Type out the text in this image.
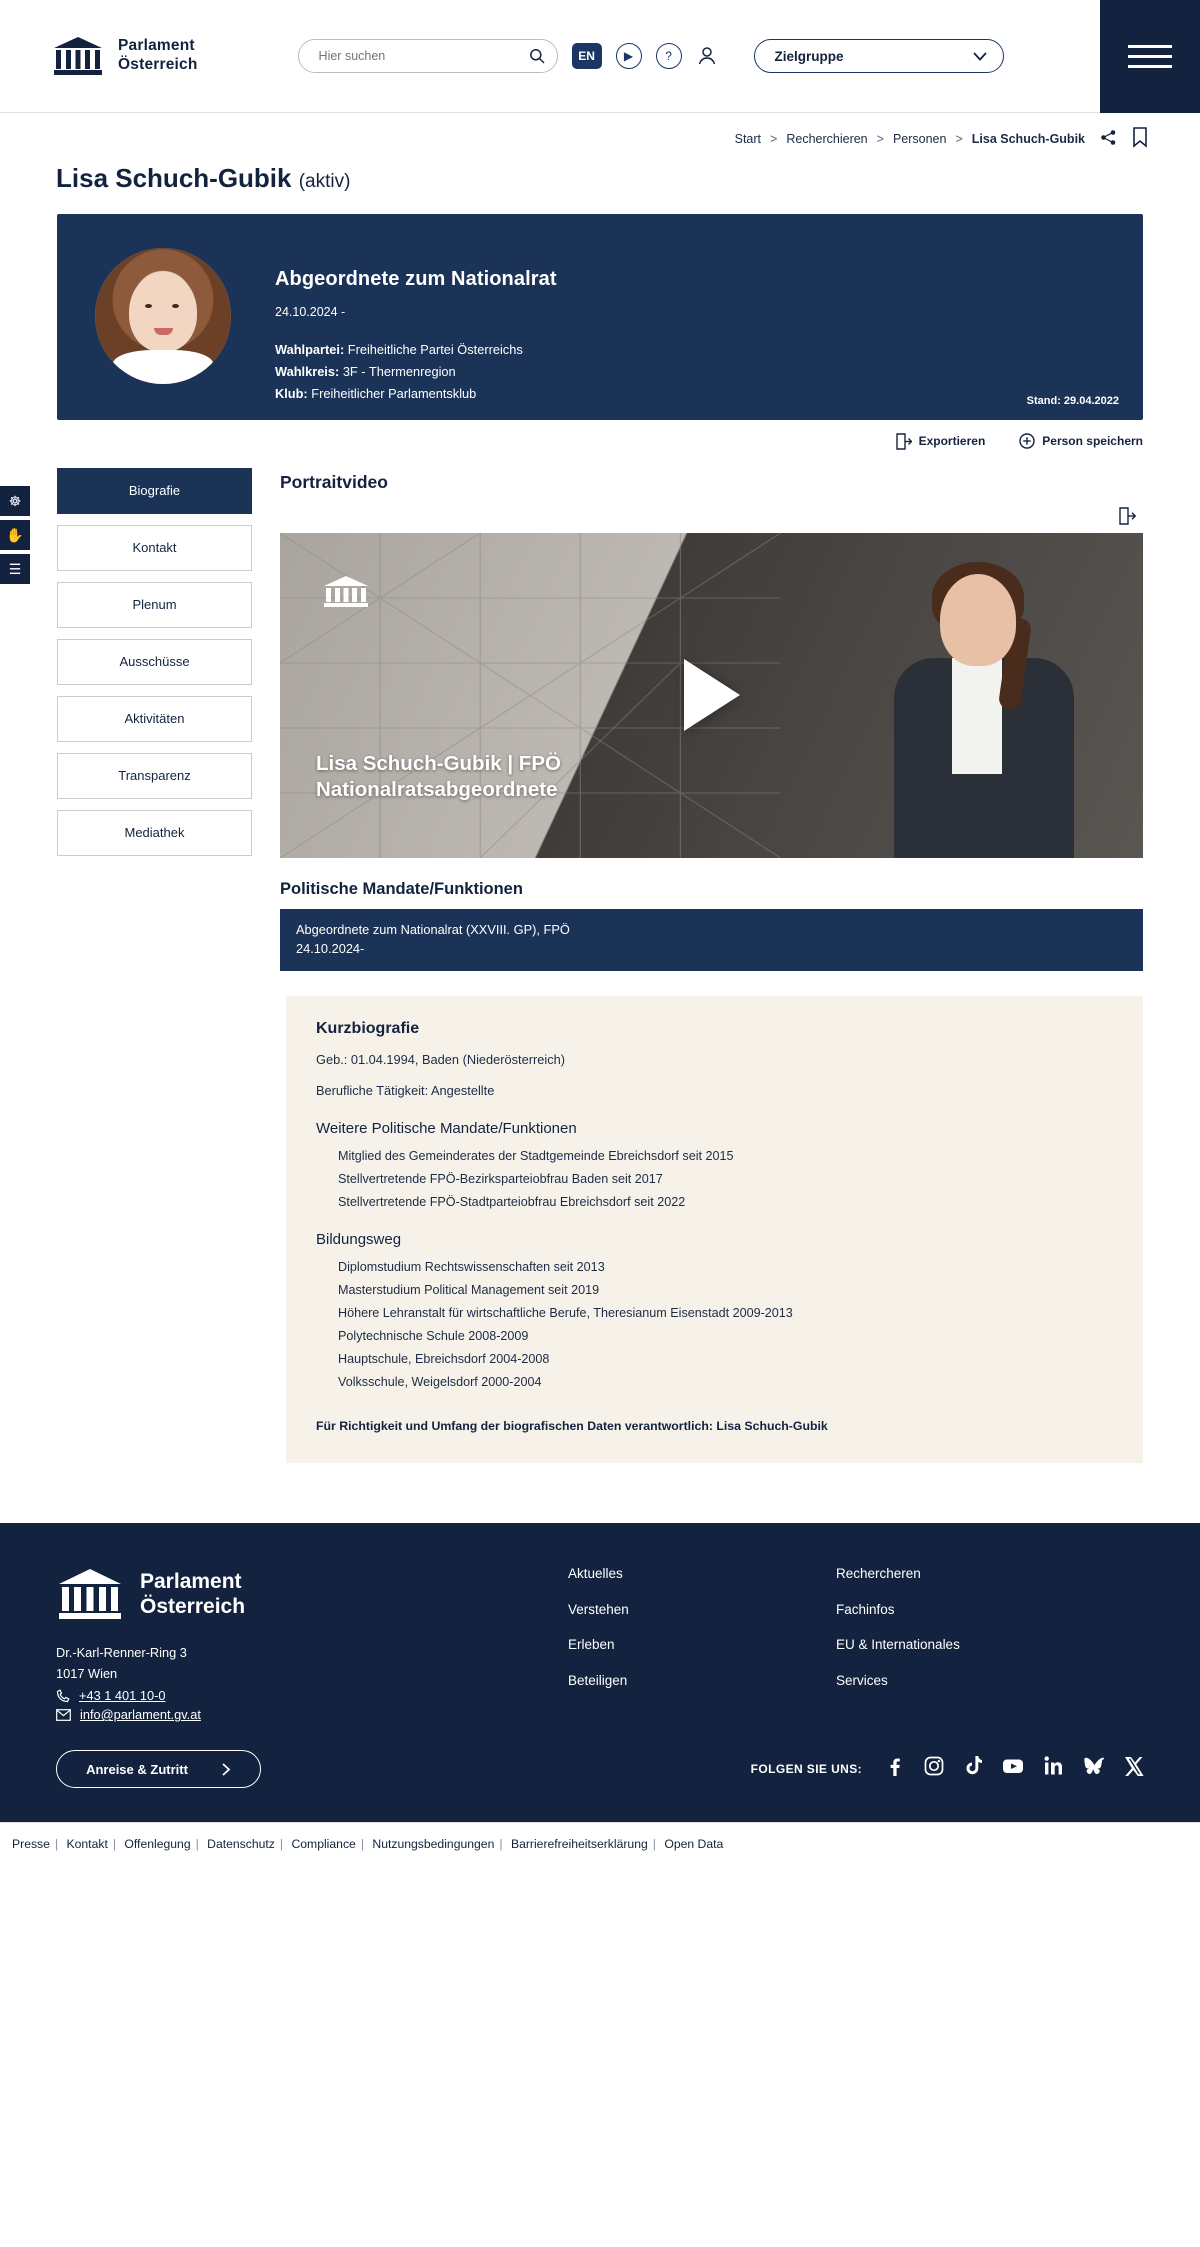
☸
✋
☰
Parlament
Österreich
Hier suchen	EN	▶	?	Zielgruppe
Start > Recherchieren > Personen > Lisa Schuch-Gubik
Lisa Schuch-Gubik (aktiv)
Abgeordnete zum Nationalrat
24.10.2024 -
Wahlpartei: Freiheitliche Partei Österreichs
Wahlkreis: 3F - Thermenregion
Klub: Freiheitlicher Parlamentsklub	Stand: 29.04.2022
Exportieren	Person speichern
Biografie
Kontakt
Plenum
Ausschüsse
Aktivitäten
Transparenz
Mediathek
Portraitvideo
Lisa Schuch-Gubik | FPÖ
Nationalratsabgeordnete
Politische Mandate/Funktionen
Abgeordnete zum Nationalrat (XXVIII. GP), FPÖ
24.10.2024-
Kurzbiografie

Geb.: 01.04.1994, Baden (Niederösterreich)

Berufliche Tätigkeit: Angestellte

Weitere Politische Mandate/Funktionen
Mitglied des Gemeinderates der Stadtgemeinde Ebreichsdorf seit 2015
Stellvertretende FPÖ-Bezirksparteiobfrau Baden seit 2017
Stellvertretende FPÖ-Stadtparteiobfrau Ebreichsdorf seit 2022
Bildungsweg
Diplomstudium Rechtswissenschaften seit 2013
Masterstudium Political Management seit 2019
Höhere Lehranstalt für wirtschaftliche Berufe, Theresianum Eisenstadt 2009-2013
Polytechnische Schule 2008-2009
Hauptschule, Ebreichsdorf 2004-2008
Volksschule, Weigelsdorf 2000-2004
Für Richtigkeit und Umfang der biografischen Daten verantwortlich: Lisa Schuch-Gubik
Parlament
Österreich
Dr.-Karl-Renner-Ring 3
1017 Wien
+43 1 401 10-0
info@parlament.gv.at
Anreise & Zutritt
Aktuelles
Verstehen
Erleben
Beteiligen
Rechercheren
Fachinfos
EU & Internationales
Services
FOLGEN SIE UNS:
Presse | Kontakt | Offenlegung | Datenschutz | Compliance | Nutzungsbedingungen | Barrierefreiheitserklärung | Open Data
